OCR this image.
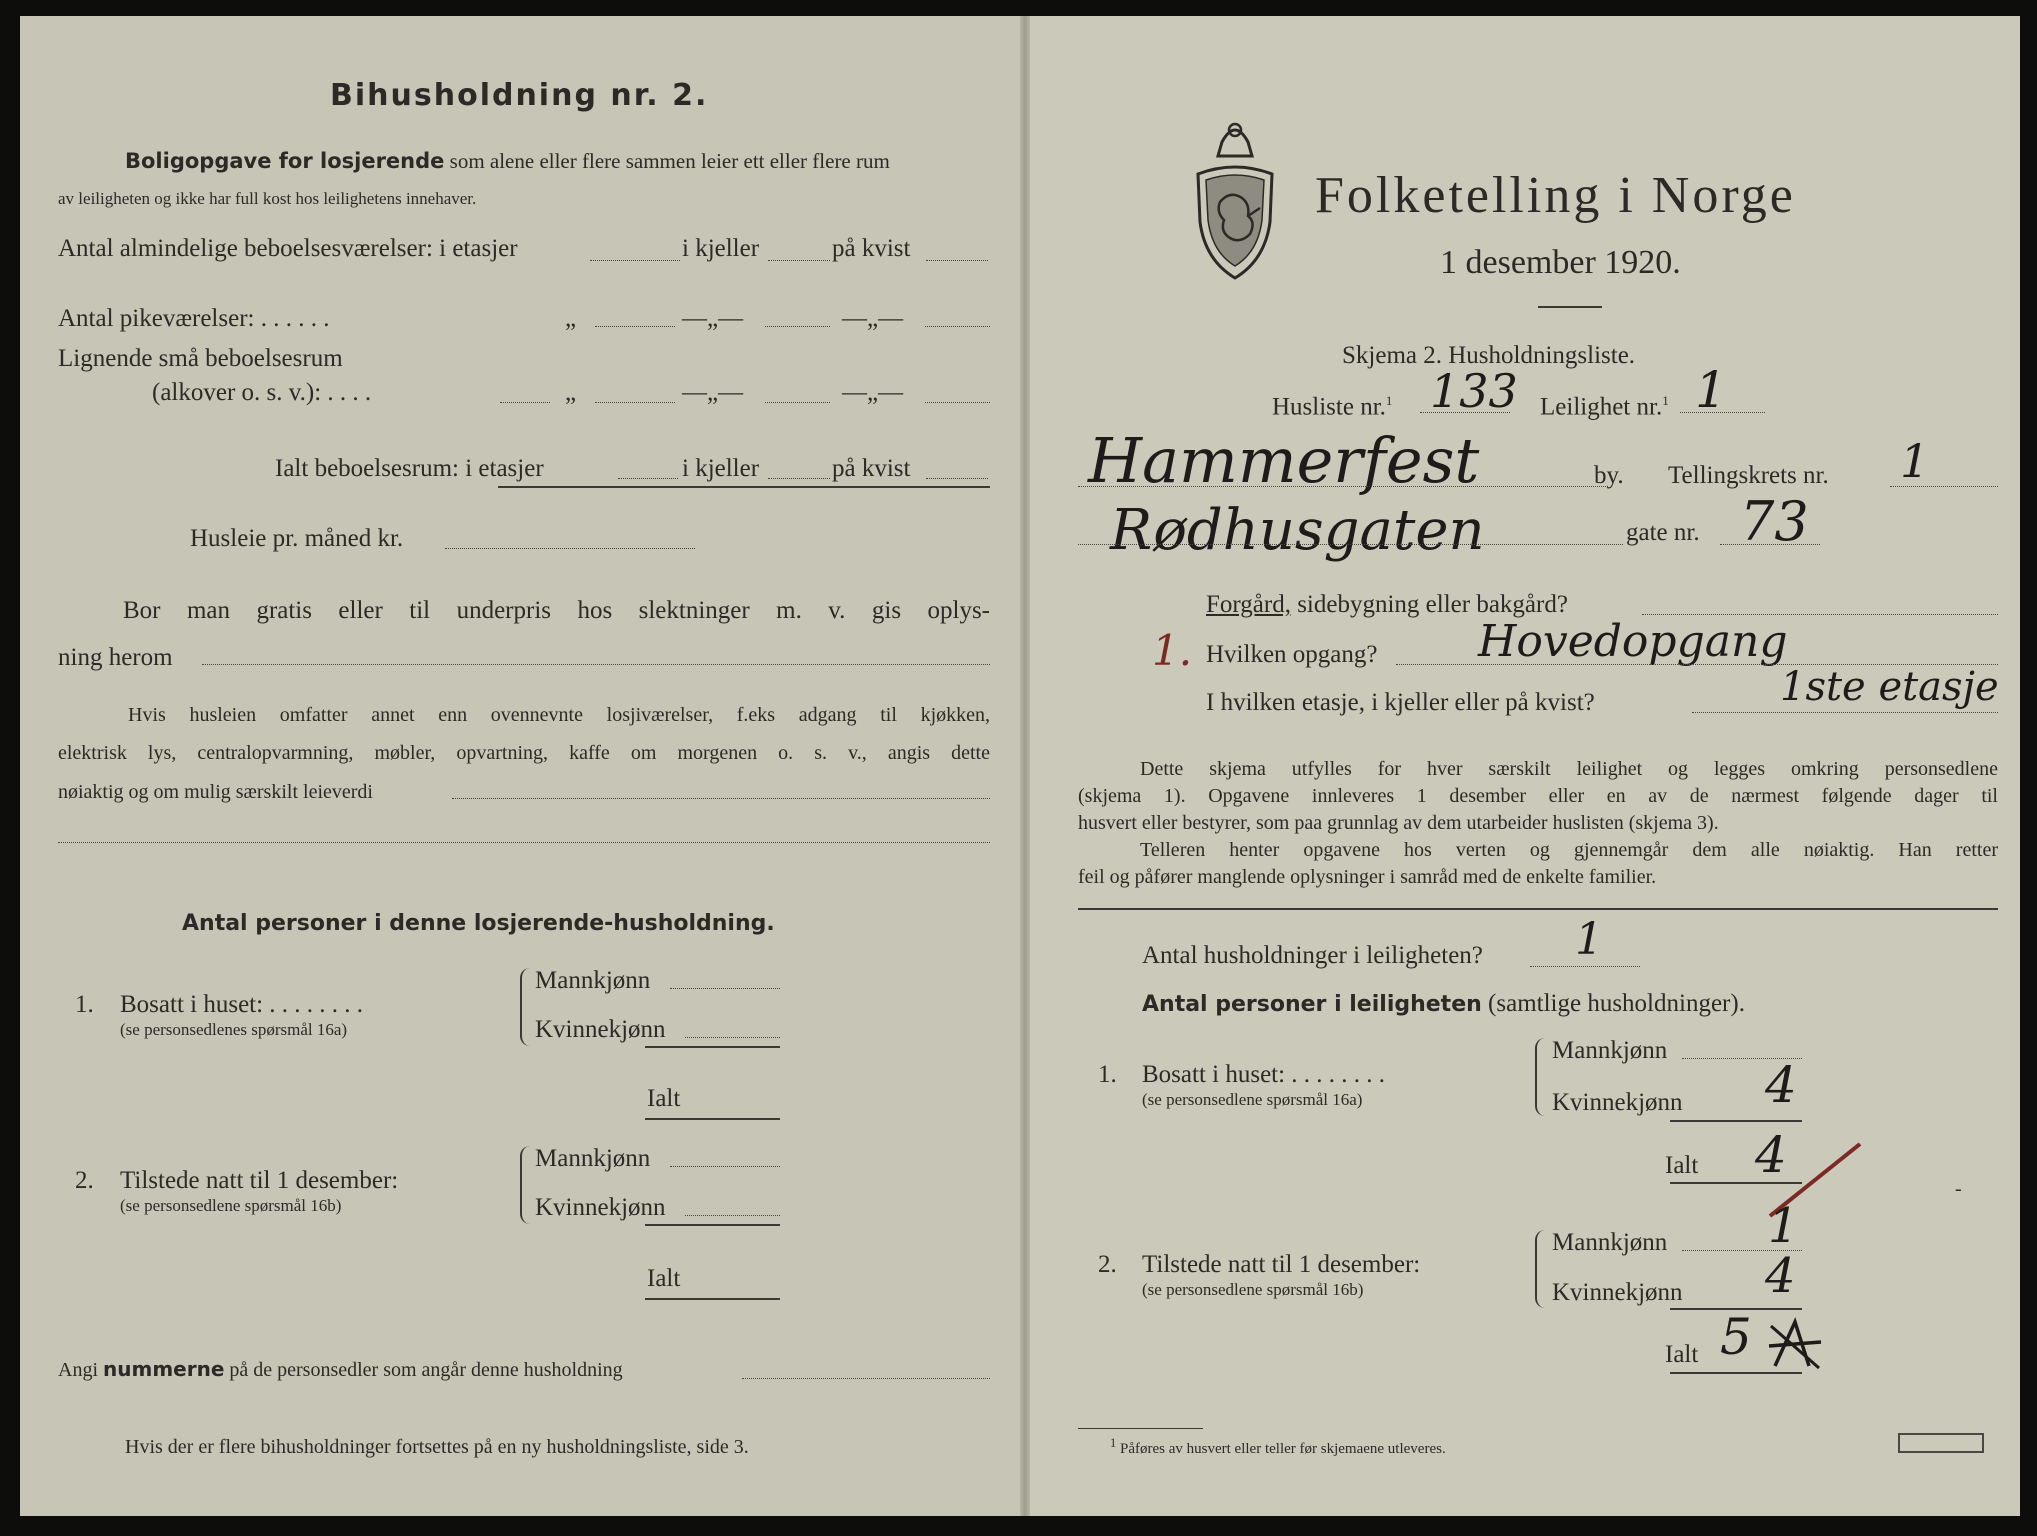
Bihusholdning nr. 2.
Boligopgave for losjerende som alene eller flere sammen leier ett eller flere rum
av leiligheten og ikke har full kost hos leilighetens innehaver.
Antal almindelige beboelsesværelser: i etasjer	i kjeller	på kvist
Antal pikeværelser: . . . . . .	„	—„—	—„—
Lignende små beboelsesrum
(alkover o. s. v.): . . . .	„	—„—	—„—
Ialt beboelsesrum: i etasjer	i kjeller	på kvist
Husleie pr. måned kr.
Bor man gratis eller til underpris hos slektninger m. v. gis oplys-
ning herom
Hvis husleien omfatter annet enn ovennevnte losjiværelser, f.eks adgang til kjøkken,
elektrisk lys, centralopvarmning, møbler, opvartning, kaffe om morgenen o. s. v., angis dette
nøiaktig og om mulig særskilt leieverdi
Antal personer i denne losjerende-husholdning.
1. Bosatt i huset: . . . . . . . .
(se personsedlenes spørsmål 16a)
Mannkjønn
Kvinnekjønn
Ialt
2. Tilstede natt til 1 desember:
(se personsedlene spørsmål 16b)
Mannkjønn
Kvinnekjønn
Ialt
Angi nummerne på de personsedler som angår denne husholdning
Hvis der er flere bihusholdninger fortsettes på en ny husholdningsliste, side 3.
Folketelling i Norge
1 desember 1920.
Skjema 2. Husholdningsliste.
Husliste nr.$^1$ 133 Leilighet nr.$^1$ 1
Hammerfest	by. Tellingskrets nr. 1
Rødhusgaten	gate nr. 73
Forgård, sidebygning eller bakgård?
1. Hvilken opgang? Hovedopgang
I hvilken etasje, i kjeller eller på kvist?	1ste etasje
Dette skjema utfylles for hver særskilt leilighet og legges omkring personsedlene
(skjema 1). Opgavene innleveres 1 desember eller en av de nærmest følgende dager til
husvert eller bestyrer, som paa grunnlag av dem utarbeider huslisten (skjema 3).
Telleren henter opgavene hos verten og gjennemgår dem alle nøiaktig. Han retter
feil og påfører manglende oplysninger i samråd med de enkelte familier.
Antal husholdninger i leiligheten? 1
Antal personer i leiligheten (samtlige husholdninger).
1. Bosatt i huset: . . . . . . . .
(se personsedlene spørsmål 16a)
Mannkjønn
Kvinnekjønn 4
Ialt 4
-
2. Tilstede natt til 1 desember:
(se personsedlene spørsmål 16b)
Mannkjønn 1
Kvinnekjønn 4
Ialt 5
$^1$ Påføres av husvert eller teller før skjemaene utleveres.
